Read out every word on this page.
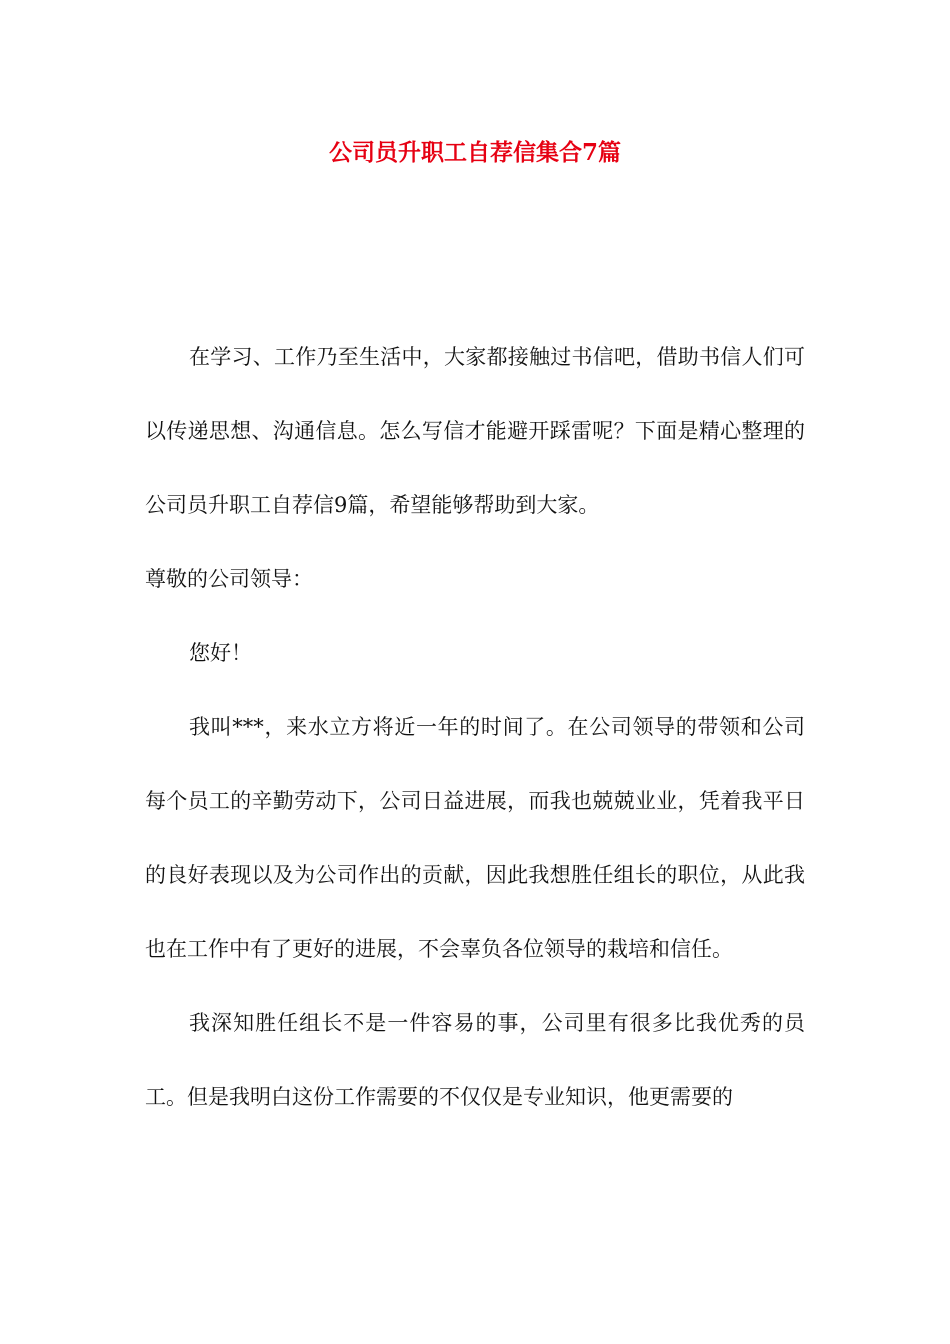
公司员升职工自荐信集合7篇

在学习、工作乃至生活中，大家都接触过书信吧，借助书信人们可以传递思想、沟通信息。怎么写信才能避开踩雷呢？下面是精心整理的公司员升职工自荐信9篇，希望能够帮助到大家。

尊敬的公司领导：

您好！

我叫***，来水立方将近一年的时间了。在公司领导的带领和公司每个员工的辛勤劳动下，公司日益进展，而我也兢兢业业，凭着我平日的良好表现以及为公司作出的贡献，因此我想胜任组长的职位，从此我也在工作中有了更好的进展，不会辜负各位领导的栽培和信任。

我深知胜任组长不是一件容易的事，公司里有很多比我优秀的员工。但是我明白这份工作需要的不仅仅是专业知识，他更需要的
